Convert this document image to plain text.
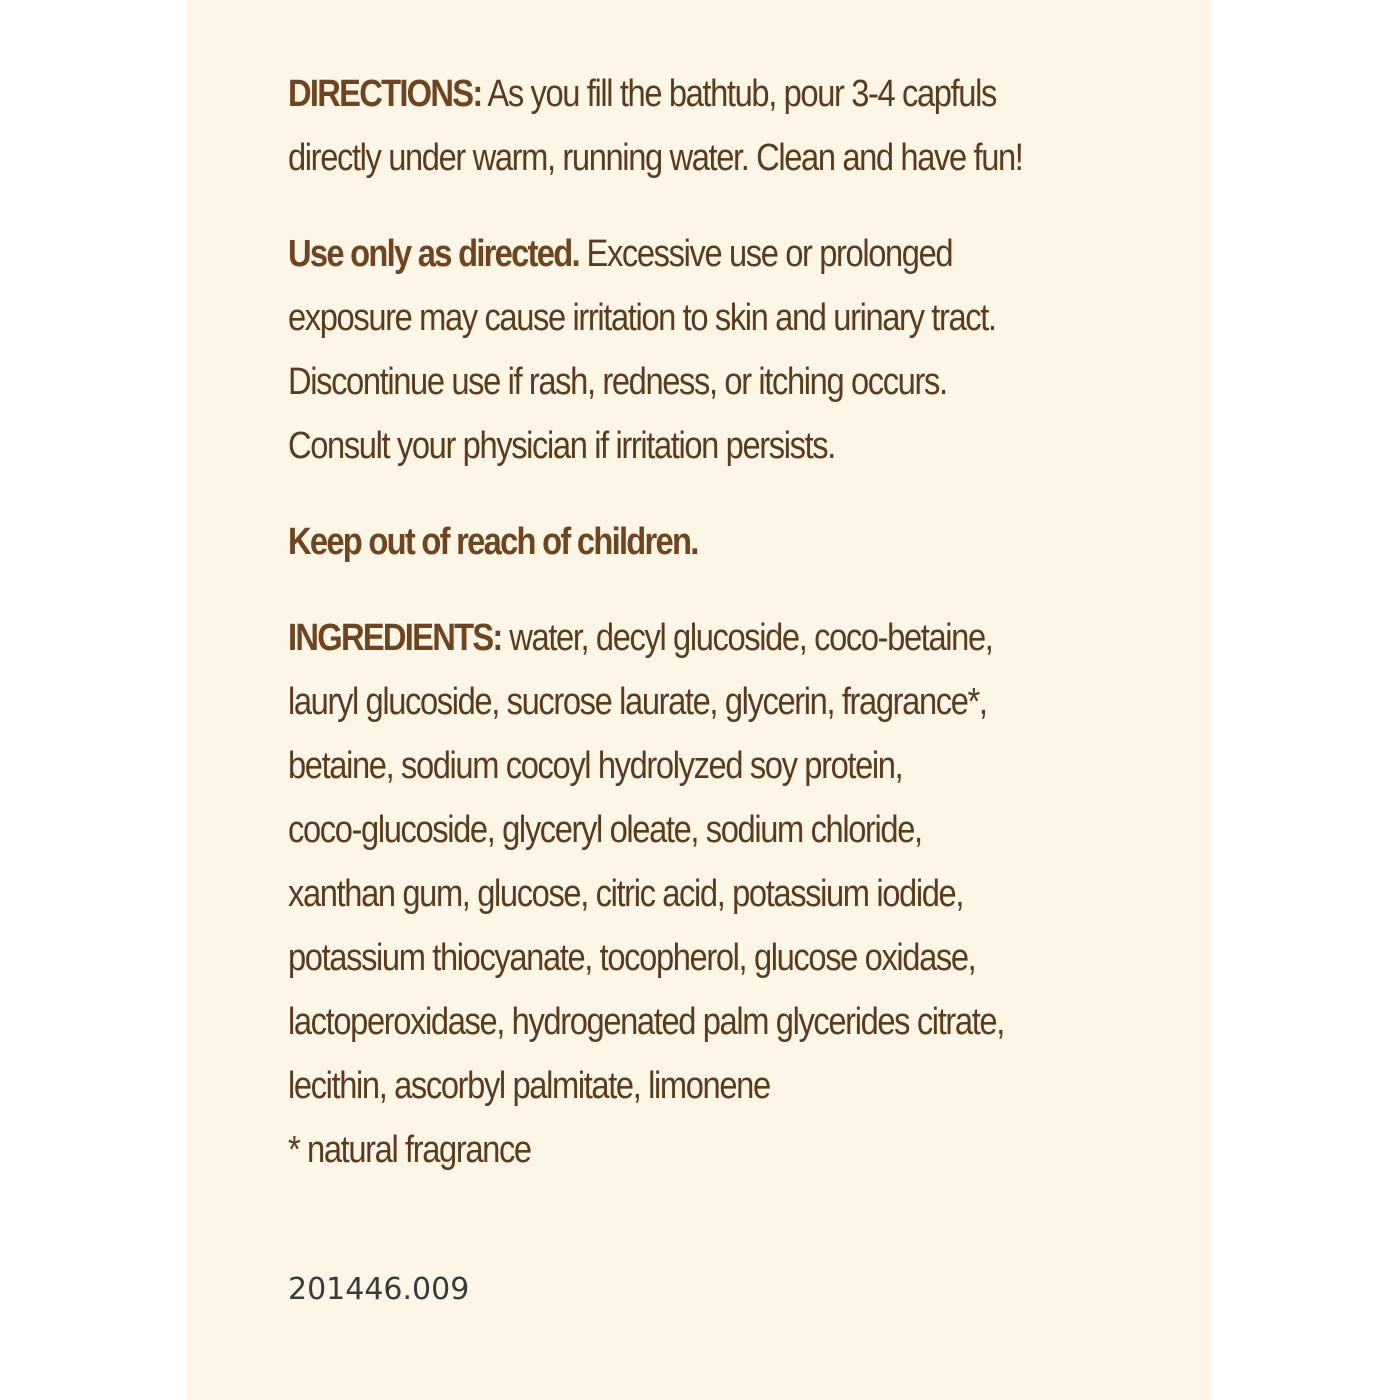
DIRECTIONS: As you fill the bathtub, pour 3-4 capfuls
directly under warm, running water. Clean and have fun!
Use only as directed. Excessive use or prolonged
exposure may cause irritation to skin and urinary tract.
Discontinue use if rash, redness, or itching occurs.
Consult your physician if irritation persists.
Keep out of reach of children.
INGREDIENTS: water, decyl glucoside, coco-betaine,
lauryl glucoside, sucrose laurate, glycerin, fragrance*,
betaine, sodium cocoyl hydrolyzed soy protein,
coco-glucoside, glyceryl oleate, sodium chloride,
xanthan gum, glucose, citric acid, potassium iodide,
potassium thiocyanate, tocopherol, glucose oxidase,
lactoperoxidase, hydrogenated palm glycerides citrate,
lecithin, ascorbyl palmitate, limonene
* natural fragrance
201446.009
